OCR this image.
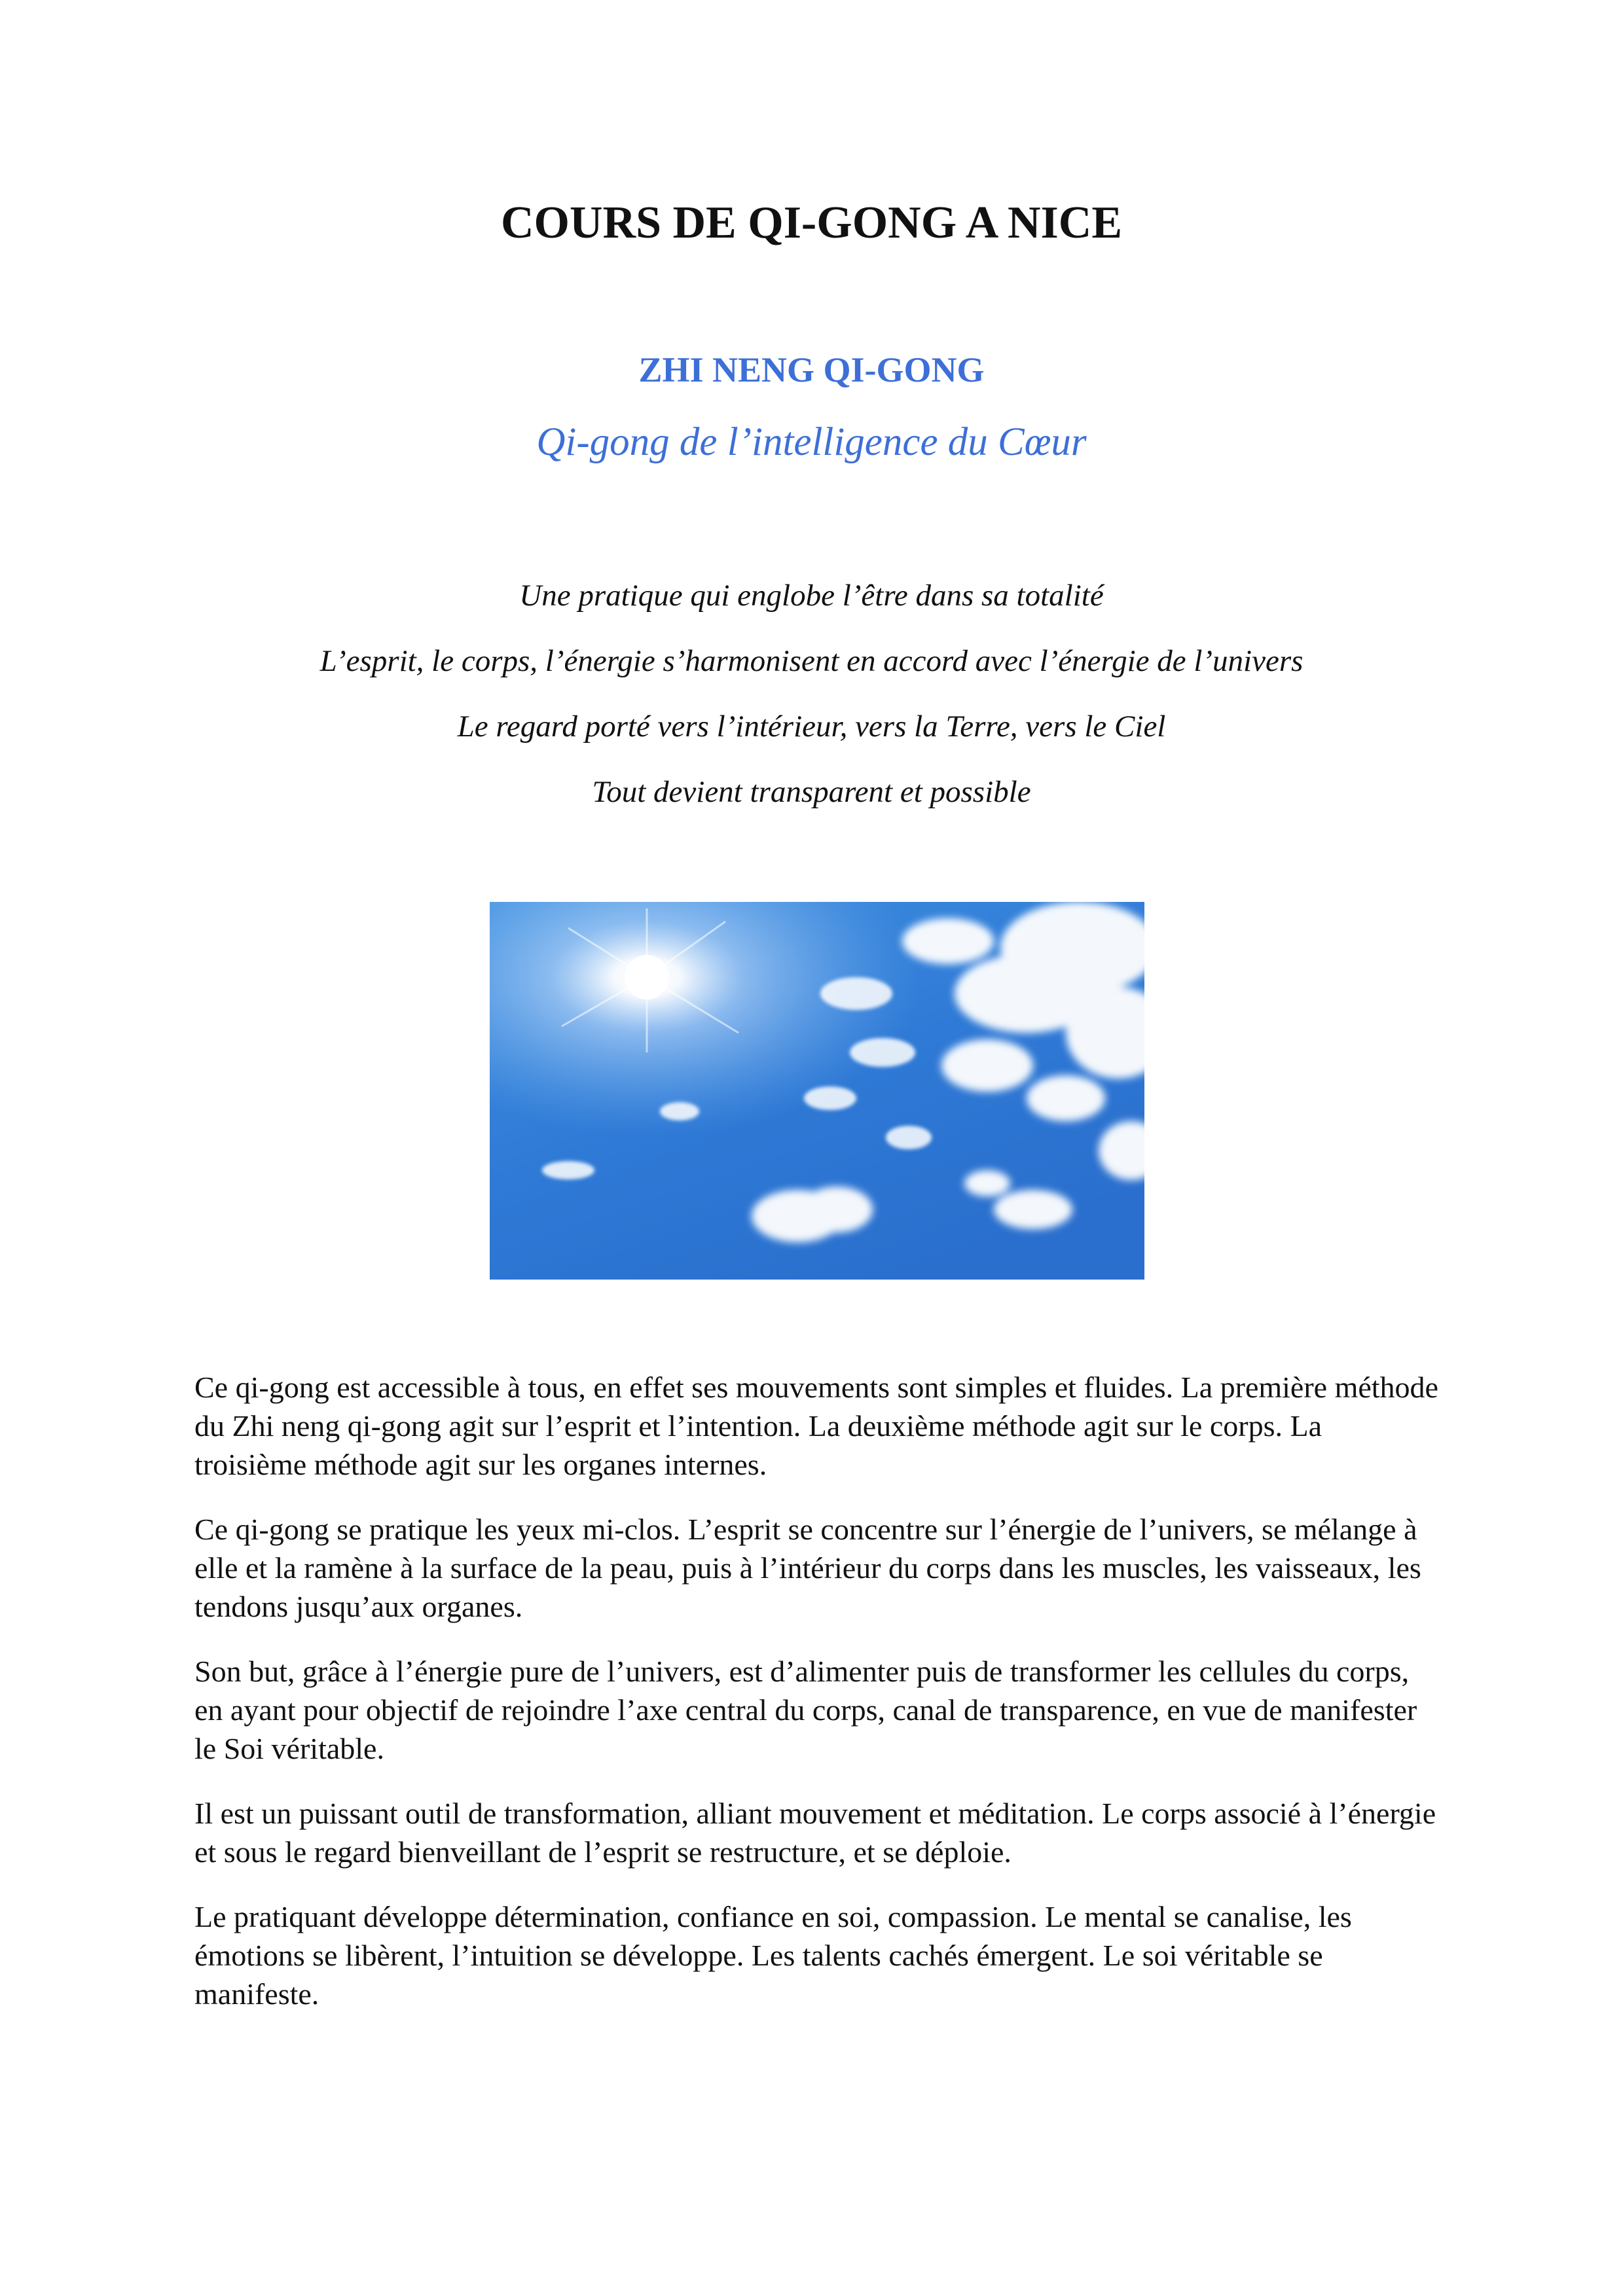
COURS DE QI-GONG A NICE
ZHI NENG QI-GONG

Qi-gong de l’intelligence du Cœur

Une pratique qui englobe l’être dans sa totalité

L’esprit, le corps, l’énergie s’harmonisent en accord avec l’énergie de l’univers

Le regard porté vers l’intérieur, vers la Terre, vers le Ciel

Tout devient transparent et possible

Ce qi-gong est accessible à tous, en effet ses mouvements sont simples et fluides. La première méthode du Zhi neng qi-gong agit sur l’esprit et l’intention. La deuxième méthode agit sur le corps. La troisième méthode agit sur les organes internes.

Ce qi-gong se pratique les yeux mi-clos. L’esprit se concentre sur l’énergie de l’univers, se mélange à elle et la ramène à la surface de la peau, puis à l’intérieur du corps dans les muscles, les vaisseaux, les tendons jusqu’aux organes.

Son but, grâce à l’énergie pure de l’univers, est d’alimenter puis de transformer les cellules du corps, en ayant pour objectif de rejoindre l’axe central du corps, canal de transparence, en vue de manifester le Soi véritable.

Il est un puissant outil de transformation, alliant mouvement et méditation. Le corps associé à l’énergie et sous le regard bienveillant de l’esprit se restructure, et se déploie.

Le pratiquant développe détermination, confiance en soi, compassion. Le mental se canalise, les émotions se libèrent, l’intuition se développe. Les talents cachés émergent. Le soi véritable se manifeste.
